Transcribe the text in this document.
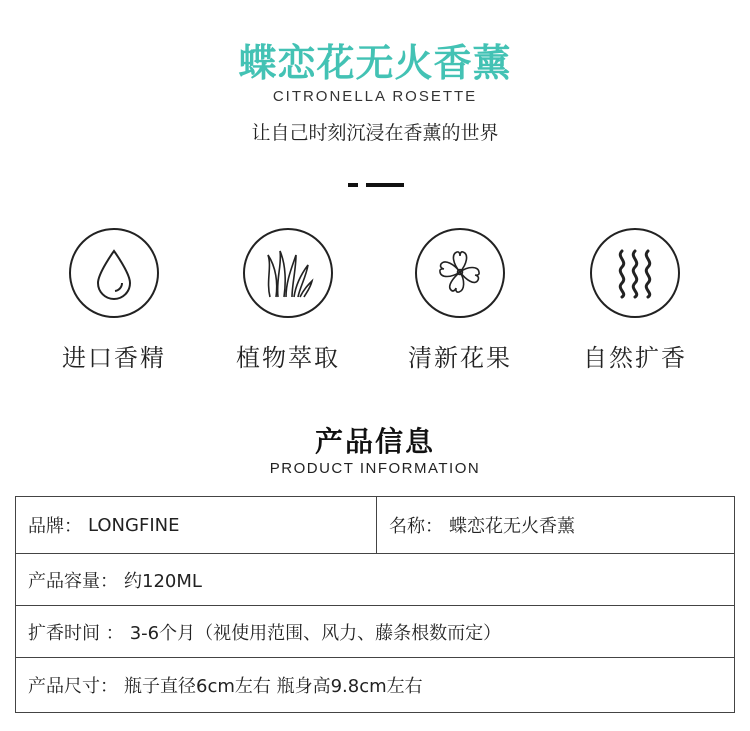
蝶恋花无火香薰
CITRONELLA ROSETTE
让自己时刻沉浸在香薰的世界
进口香精	植物萃取	清新花果	自然扩香
产品信息
PRODUCT INFORMATION
品牌： LONGFINE	名称： 蝶恋花无火香薰
产品容量： 约120ML
扩香时间 ： 3-6个月（视使用范围、风力、藤条根数而定）
产品尺寸： 瓶子直径6cm左右 瓶身高9.8cm左右
